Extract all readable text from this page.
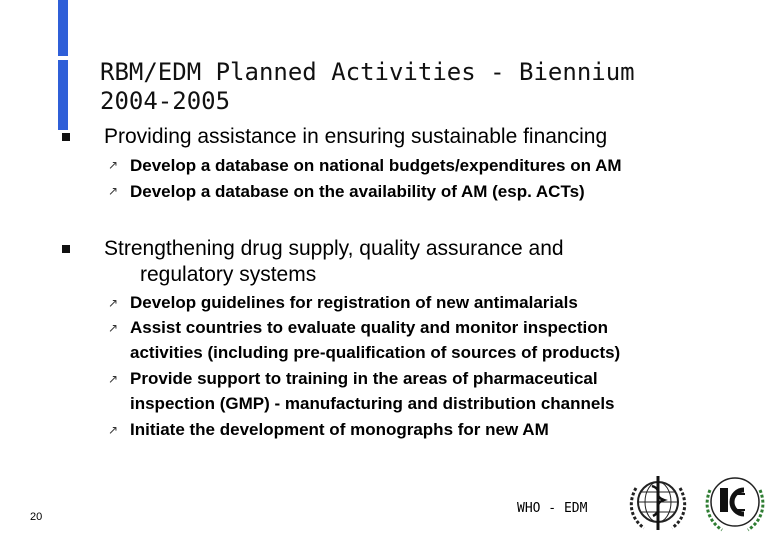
RBM/EDM Planned Activities - Biennium 2004-2005
Providing assistance in ensuring sustainable financing
↗ Develop a database on national budgets/expenditures on AM
↗ Develop a database on the availability of AM (esp. ACTs)
Strengthening drug supply, quality assurance and
regulatory systems
↗ Develop guidelines for registration of new antimalarials
↗ Assist countries to evaluate quality and monitor inspection
activities (including pre-qualification of sources of products)
↗ Provide support to training in the areas of pharmaceutical
inspection (GMP) - manufacturing and distribution channels
↗ Initiate the development of monographs for new AM
20
WHO - EDM
